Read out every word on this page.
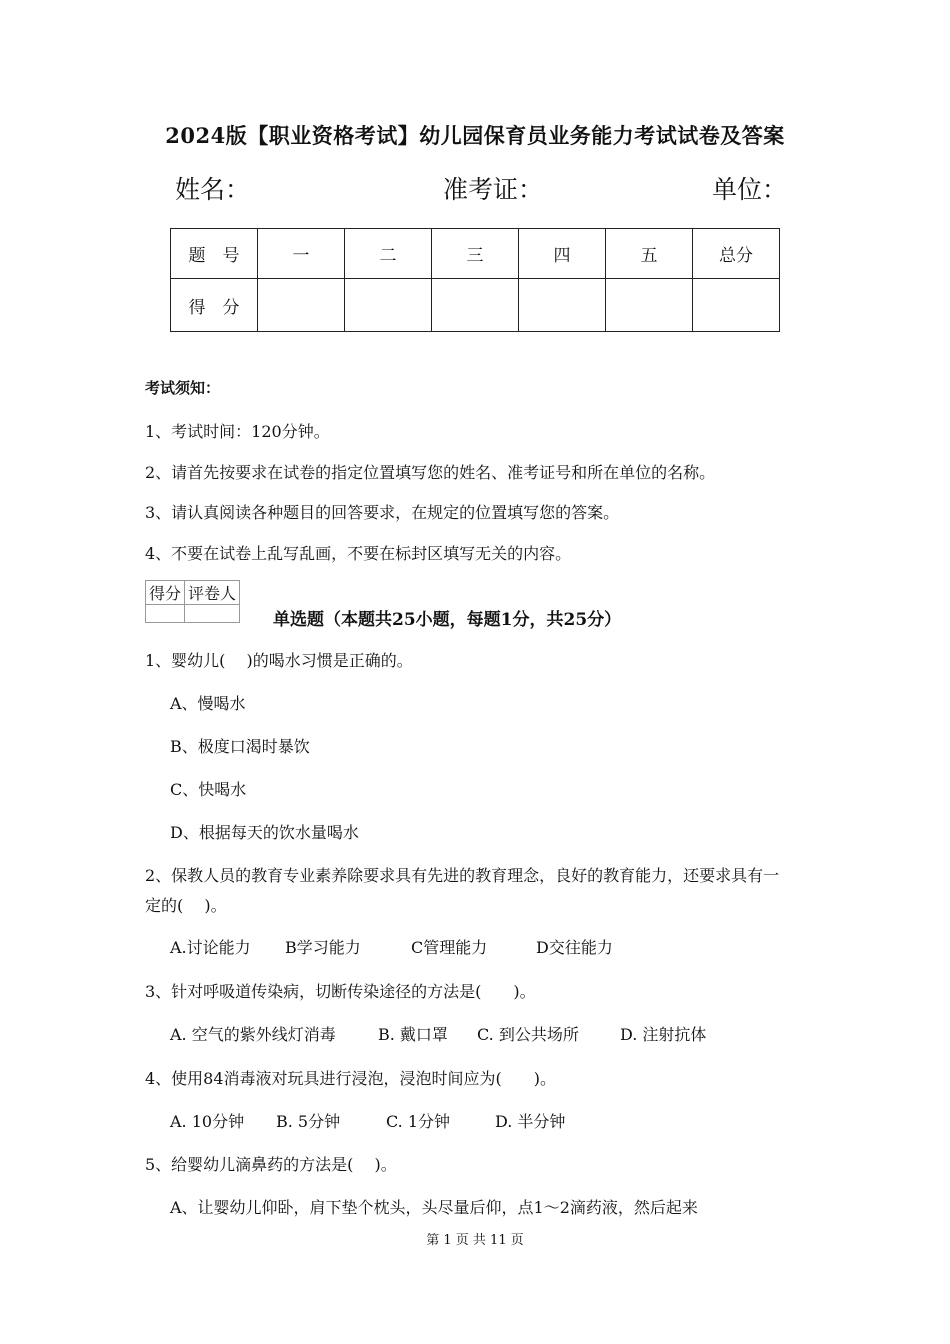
2024版【职业资格考试】幼儿园保育员业务能力考试试卷及答案
姓名：	准考证：	单位：
题　号	一	二	三	四	五	总分
得　分						
考试须知：
1、考试时间：120分钟。
2、请首先按要求在试卷的指定位置填写您的姓名、准考证号和所在单位的名称。
3、请认真阅读各种题目的回答要求，在规定的位置填写您的答案。
4、不要在试卷上乱写乱画，不要在标封区填写无关的内容。
得分	评卷人

单选题（本题共25小题，每题1分，共25分）
1、婴幼儿(　 )的喝水习惯是正确的。
A、慢喝水
B、极度口渴时暴饮
C、快喝水
D、根据每天的饮水量喝水
2、保教人员的教育专业素养除要求具有先进的教育理念，良好的教育能力，还要求具有一
定的(　 )。
A.讨论能力 B学习能力	C管理能力	D交往能力
3、针对呼吸道传染病，切断传染途径的方法是(　　)。
A. 空气的紫外线灯消毒	B. 戴口罩 C. 到公共场所	D. 注射抗体
4、使用84消毒液对玩具进行浸泡，浸泡时间应为(　　)。
A. 10分钟 B. 5分钟	C. 1分钟	D. 半分钟
5、给婴幼儿滴鼻药的方法是(　 )。
A、让婴幼儿仰卧，肩下垫个枕头，头尽量后仰，点1～2滴药液，然后起来
第 1 页 共 11 页
